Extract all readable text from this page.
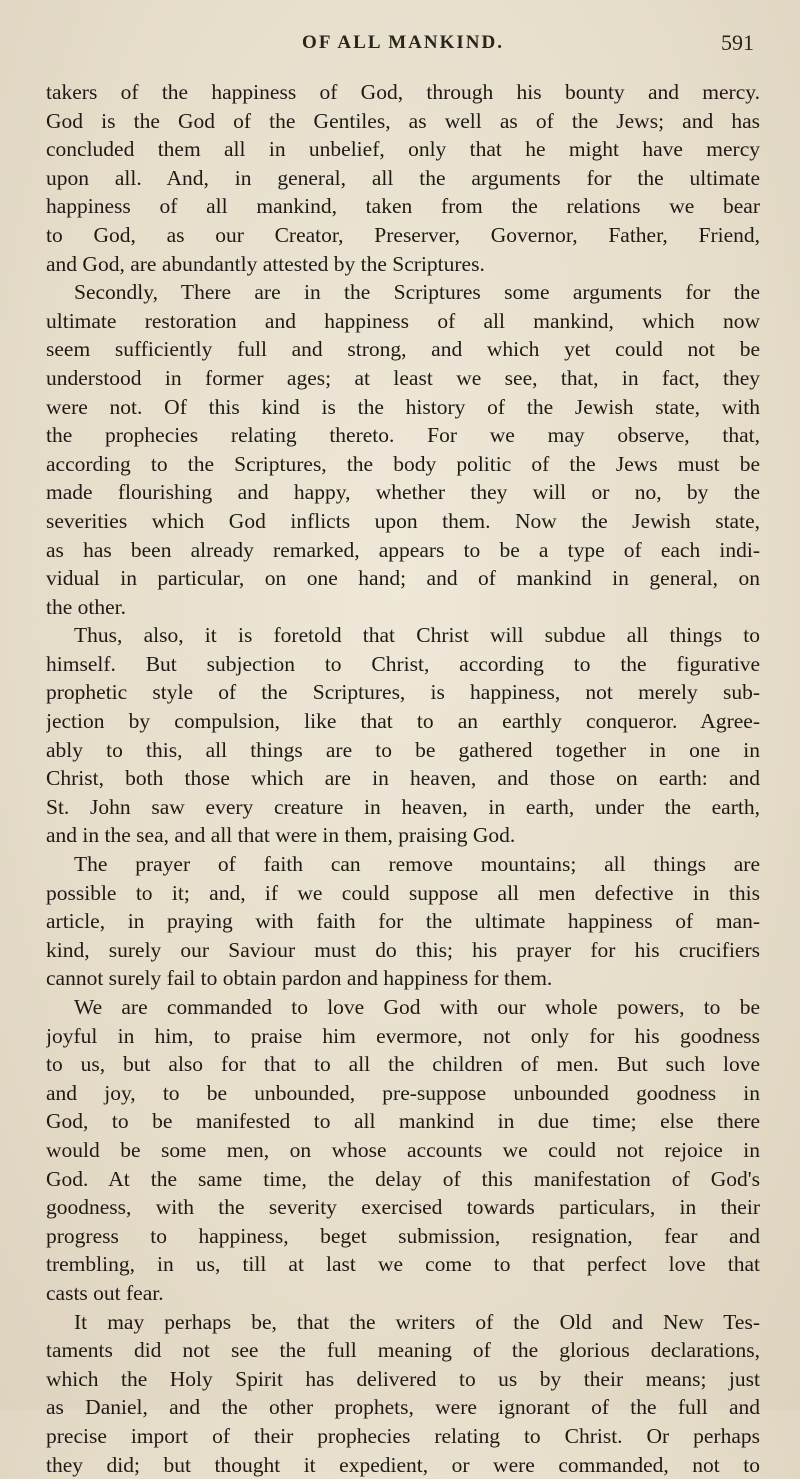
OF ALL MANKIND.	591
takers of the happiness of God, through his bounty and mercy.
God is the God of the Gentiles, as well as of the Jews; and has
concluded them all in unbelief, only that he might have mercy
upon all. And, in general, all the arguments for the ultimate
happiness of all mankind, taken from the relations we bear
to God, as our Creator, Preserver, Governor, Father, Friend,
and God, are abundantly attested by the Scriptures.
Secondly, There are in the Scriptures some arguments for the
ultimate restoration and happiness of all mankind, which now
seem sufficiently full and strong, and which yet could not be
understood in former ages; at least we see, that, in fact, they
were not. Of this kind is the history of the Jewish state, with
the prophecies relating thereto. For we may observe, that,
according to the Scriptures, the body politic of the Jews must be
made flourishing and happy, whether they will or no, by the
severities which God inflicts upon them. Now the Jewish state,
as has been already remarked, appears to be a type of each indi-
vidual in particular, on one hand; and of mankind in general, on
the other.
Thus, also, it is foretold that Christ will subdue all things to
himself. But subjection to Christ, according to the figurative
prophetic style of the Scriptures, is happiness, not merely sub-
jection by compulsion, like that to an earthly conqueror. Agree-
ably to this, all things are to be gathered together in one in
Christ, both those which are in heaven, and those on earth: and
St. John saw every creature in heaven, in earth, under the earth,
and in the sea, and all that were in them, praising God.
The prayer of faith can remove mountains; all things are
possible to it; and, if we could suppose all men defective in this
article, in praying with faith for the ultimate happiness of man-
kind, surely our Saviour must do this; his prayer for his crucifiers
cannot surely fail to obtain pardon and happiness for them.
We are commanded to love God with our whole powers, to be
joyful in him, to praise him evermore, not only for his goodness
to us, but also for that to all the children of men. But such love
and joy, to be unbounded, pre-suppose unbounded goodness in
God, to be manifested to all mankind in due time; else there
would be some men, on whose accounts we could not rejoice in
God. At the same time, the delay of this manifestation of God's
goodness, with the severity exercised towards particulars, in their
progress to happiness, beget submission, resignation, fear and
trembling, in us, till at last we come to that perfect love that
casts out fear.
It may perhaps be, that the writers of the Old and New Tes-
taments did not see the full meaning of the glorious declarations,
which the Holy Spirit has delivered to us by their means; just
as Daniel, and the other prophets, were ignorant of the full and
precise import of their prophecies relating to Christ. Or perhaps
they did; but thought it expedient, or were commanded, not to
